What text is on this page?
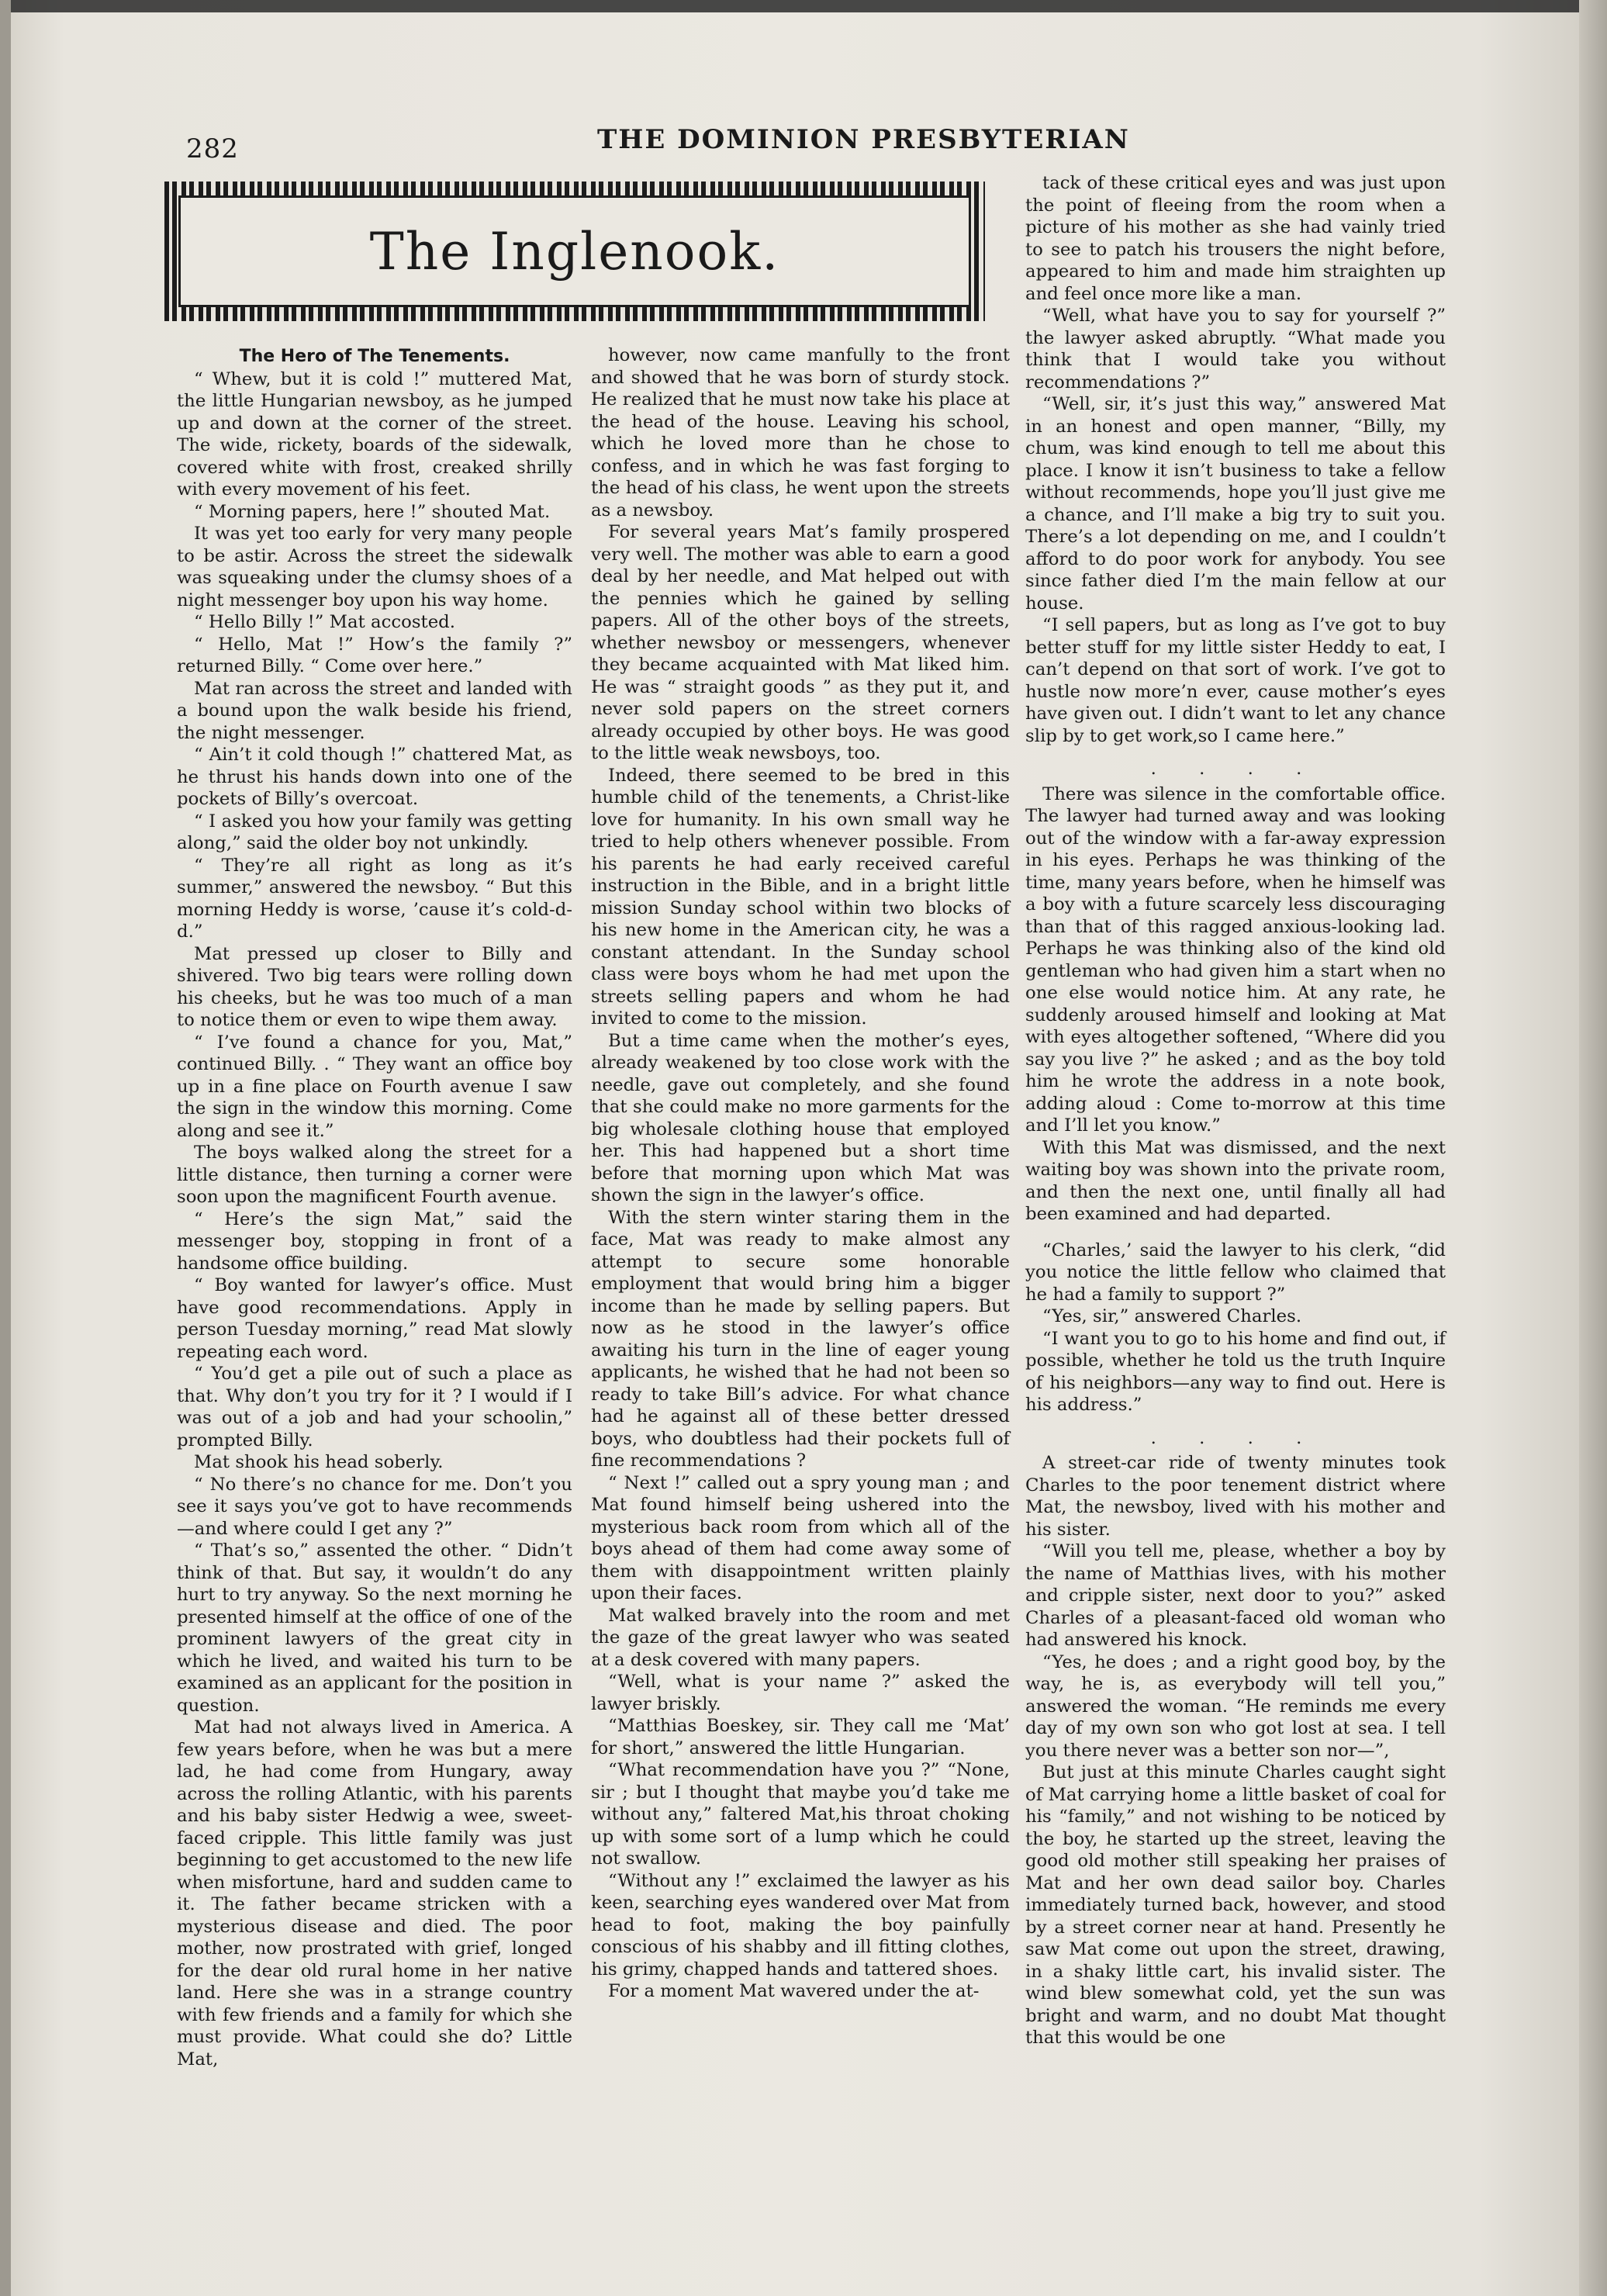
282	THE DOMINION PRESBYTERIAN
The Inglenook.

The Hero of The Tenements.

“ Whew, but it is cold !” muttered Mat, the little Hungarian newsboy, as he jumped up and down at the corner of the street. The wide, rickety, boards of the sidewalk, covered white with frost, creaked shrilly with every movement of his feet.

“ Morning papers, here !” shouted Mat.

It was yet too early for very many people to be astir. Across the street the sidewalk was squeaking under the clumsy shoes of a night messenger boy upon his way home.

“ Hello Billy !” Mat accosted.

“ Hello, Mat !” How’s the family ?” returned Billy. “ Come over here.”

Mat ran across the street and landed with a bound upon the walk beside his friend, the night messenger.

“ Ain’t it cold though !” chattered Mat, as he thrust his hands down into one of the pockets of Billy’s overcoat.

“ I asked you how your family was getting along,” said the older boy not unkindly.

“ They’re all right as long as it’s summer,” answered the newsboy. “ But this morning Heddy is worse, ’cause it’s cold-d-d.”

Mat pressed up closer to Billy and shivered. Two big tears were rolling down his cheeks, but he was too much of a man to notice them or even to wipe them away.

“ I’ve found a chance for you, Mat,” continued Billy. . “ They want an office boy up in a fine place on Fourth avenue I saw the sign in the window this morning. Come along and see it.”

The boys walked along the street for a little distance, then turning a corner were soon upon the magnificent Fourth avenue.

“ Here’s the sign Mat,” said the messenger boy, stopping in front of a handsome office building.

“ Boy wanted for lawyer’s office. Must have good recommendations. Apply in person Tuesday morning,” read Mat slowly repeating each word.

“ You’d get a pile out of such a place as that. Why don’t you try for it ? I would if I was out of a job and had your schoolin,” prompted Billy.

Mat shook his head soberly.

“ No there’s no chance for me. Don’t you see it says you’ve got to have recommends—and where could I get any ?”

“ That’s so,” assented the other. “ Didn’t think of that. But say, it wouldn’t do any hurt to try anyway. So the next morning he presented himself at the office of one of the prominent lawyers of the great city in which he lived, and waited his turn to be examined as an applicant for the position in question.

Mat had not always lived in America. A few years before, when he was but a mere lad, he had come from Hungary, away across the rolling Atlantic, with his parents and his baby sister Hedwig a wee, sweet-faced cripple. This little family was just beginning to get accustomed to the new life when misfortune, hard and sudden came to it. The father became stricken with a mysterious disease and died. The poor mother, now prostrated with grief, longed for the dear old rural home in her native land. Here she was in a strange country with few friends and a family for which she must provide. What could she do? Little Mat,

however, now came manfully to the front and showed that he was born of sturdy stock. He realized that he must now take his place at the head of the house. Leaving his school, which he loved more than he chose to confess, and in which he was fast forging to the head of his class, he went upon the streets as a newsboy.

For several years Mat’s family prospered very well. The mother was able to earn a good deal by her needle, and Mat helped out with the pennies which he gained by selling papers. All of the other boys of the streets, whether newsboy or messengers, whenever they became acquainted with Mat liked him. He was “ straight goods ” as they put it, and never sold papers on the street corners already occupied by other boys. He was good to the little weak newsboys, too.

Indeed, there seemed to be bred in this humble child of the tenements, a Christ-like love for humanity. In his own small way he tried to help others whenever possible. From his parents he had early received careful instruction in the Bible, and in a bright little mission Sunday school within two blocks of his new home in the American city, he was a constant attendant. In the Sunday school class were boys whom he had met upon the streets selling papers and whom he had invited to come to the mission.

But a time came when the mother’s eyes, already weakened by too close work with the needle, gave out completely, and she found that she could make no more garments for the big wholesale clothing house that employed her. This had happened but a short time before that morning upon which Mat was shown the sign in the lawyer’s office.

With the stern winter staring them in the face, Mat was ready to make almost any attempt to secure some honorable employment that would bring him a bigger income than he made by selling papers. But now as he stood in the lawyer’s office awaiting his turn in the line of eager young applicants, he wished that he had not been so ready to take Bill’s advice. For what chance had he against all of these better dressed boys, who doubtless had their pockets full of fine recommendations ?

“ Next !” called out a spry young man ; and Mat found himself being ushered into the mysterious back room from which all of the boys ahead of them had come away some of them with disappointment written plainly upon their faces.

Mat walked bravely into the room and met the gaze of the great lawyer who was seated at a desk covered with many papers.

“Well, what is your name ?” asked the lawyer briskly.

“Matthias Boeskey, sir. They call me ‘Mat’ for short,” answered the little Hungarian.

“What recommendation have you ?” “None, sir ; but I thought that maybe you’d take me without any,” faltered Mat,his throat choking up with some sort of a lump which he could not swallow.

“Without any !” exclaimed the lawyer as his keen, searching eyes wandered over Mat from head to foot, making the boy painfully conscious of his shabby and ill fitting clothes, his grimy, chapped hands and tattered shoes.

For a moment Mat wavered under the at-

tack of these critical eyes and was just upon the point of fleeing from the room when a picture of his mother as she had vainly tried to see to patch his trousers the night before, appeared to him and made him straighten up and feel once more like a man.

“Well, what have you to say for yourself ?” the lawyer asked abruptly. “What made you think that I would take you without recommendations ?”

“Well, sir, it’s just this way,” answered Mat in an honest and open manner, “Billy, my chum, was kind enough to tell me about this place. I know it isn’t business to take a fellow without recommends, hope you’ll just give me a chance, and I’ll make a big try to suit you. There’s a lot depending on me, and I couldn’t afford to do poor work for anybody. You see since father died I’m the main fellow at our house.

“I sell papers, but as long as I’ve got to buy better stuff for my little sister Heddy to eat, I can’t depend on that sort of work. I’ve got to hustle now more’n ever, cause mother’s eyes have given out. I didn’t want to let any chance slip by to get work,so I came here.”

. . . .

There was silence in the comfortable office. The lawyer had turned away and was looking out of the window with a far-away expression in his eyes. Perhaps he was thinking of the time, many years before, when he himself was a boy with a future scarcely less discouraging than that of this ragged anxious-looking lad. Perhaps he was thinking also of the kind old gentleman who had given him a start when no one else would notice him. At any rate, he suddenly aroused himself and looking at Mat with eyes altogether softened, “Where did you say you live ?” he asked ; and as the boy told him he wrote the address in a note book, adding aloud : Come to-morrow at this time and I’ll let you know.”

With this Mat was dismissed, and the next waiting boy was shown into the private room, and then the next one, until finally all had been examined and had departed.

“Charles,’ said the lawyer to his clerk, “did you notice the little fellow who claimed that he had a family to support ?”

“Yes, sir,” answered Charles.

“I want you to go to his home and find out, if possible, whether he told us the truth Inquire of his neighbors—any way to find out. Here is his address.”

. . . .

A street-car ride of twenty minutes took Charles to the poor tenement district where Mat, the newsboy, lived with his mother and his sister.

“Will you tell me, please, whether a boy by the name of Matthias lives, with his mother and cripple sister, next door to you?” asked Charles of a pleasant-faced old woman who had answered his knock.

“Yes, he does ; and a right good boy, by the way, he is, as everybody will tell you,” answered the woman. “He reminds me every day of my own son who got lost at sea. I tell you there never was a better son nor—”,

But just at this minute Charles caught sight of Mat carrying home a little basket of coal for his “family,” and not wishing to be noticed by the boy, he started up the street, leaving the good old mother still speaking her praises of Mat and her own dead sailor boy. Charles immediately turned back, however, and stood by a street corner near at hand. Presently he saw Mat come out upon the street, drawing, in a shaky little cart, his invalid sister. The wind blew somewhat cold, yet the sun was bright and warm, and no doubt Mat thought that this would be one
